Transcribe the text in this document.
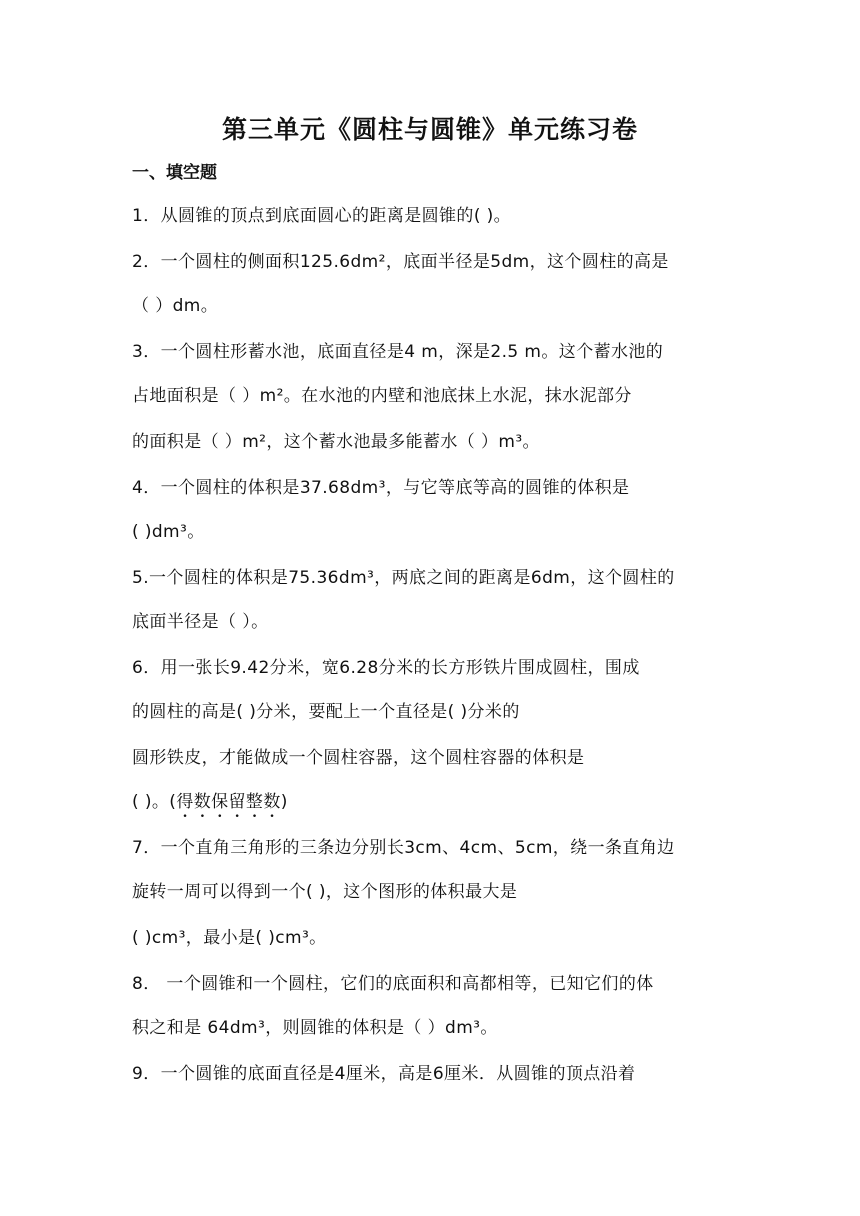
第三单元《圆柱与圆锥》单元练习卷
一、填空题
1．从圆锥的顶点到底面圆心的距离是圆锥的( )。
2．一个圆柱的侧面积125.6dm²，底面半径是5dm，这个圆柱的高是
（ ）dm。
3．一个圆柱形蓄水池，底面直径是4 m，深是2.5 m。这个蓄水池的
占地面积是（ ）m²。在水池的内壁和池底抹上水泥，抹水泥部分
的面积是（ ）m²，这个蓄水池最多能蓄水（ ）m³。
4．一个圆柱的体积是37.68dm³，与它等底等高的圆锥的体积是
( )dm³。
5.一个圆柱的体积是75.36dm³，两底之间的距离是6dm，这个圆柱的
底面半径是（ ）。
6．用一张长9.42分米，宽6.28分米的长方形铁片围成圆柱，围成
的圆柱的高是( )分米，要配上一个直径是( )分米的
圆形铁皮，才能做成一个圆柱容器，这个圆柱容器的体积是
( )。(得数保留整数)
7．一个直角三角形的三条边分别长3cm、4cm、5cm，绕一条直角边
旋转一周可以得到一个( )，这个图形的体积最大是
( )cm³，最小是( )cm³。
8． 一个圆锥和一个圆柱，它们的底面积和高都相等，已知它们的体
积之和是 64dm³，则圆锥的体积是（ ）dm³。
9．一个圆锥的底面直径是4厘米，高是6厘米．从圆锥的顶点沿着
